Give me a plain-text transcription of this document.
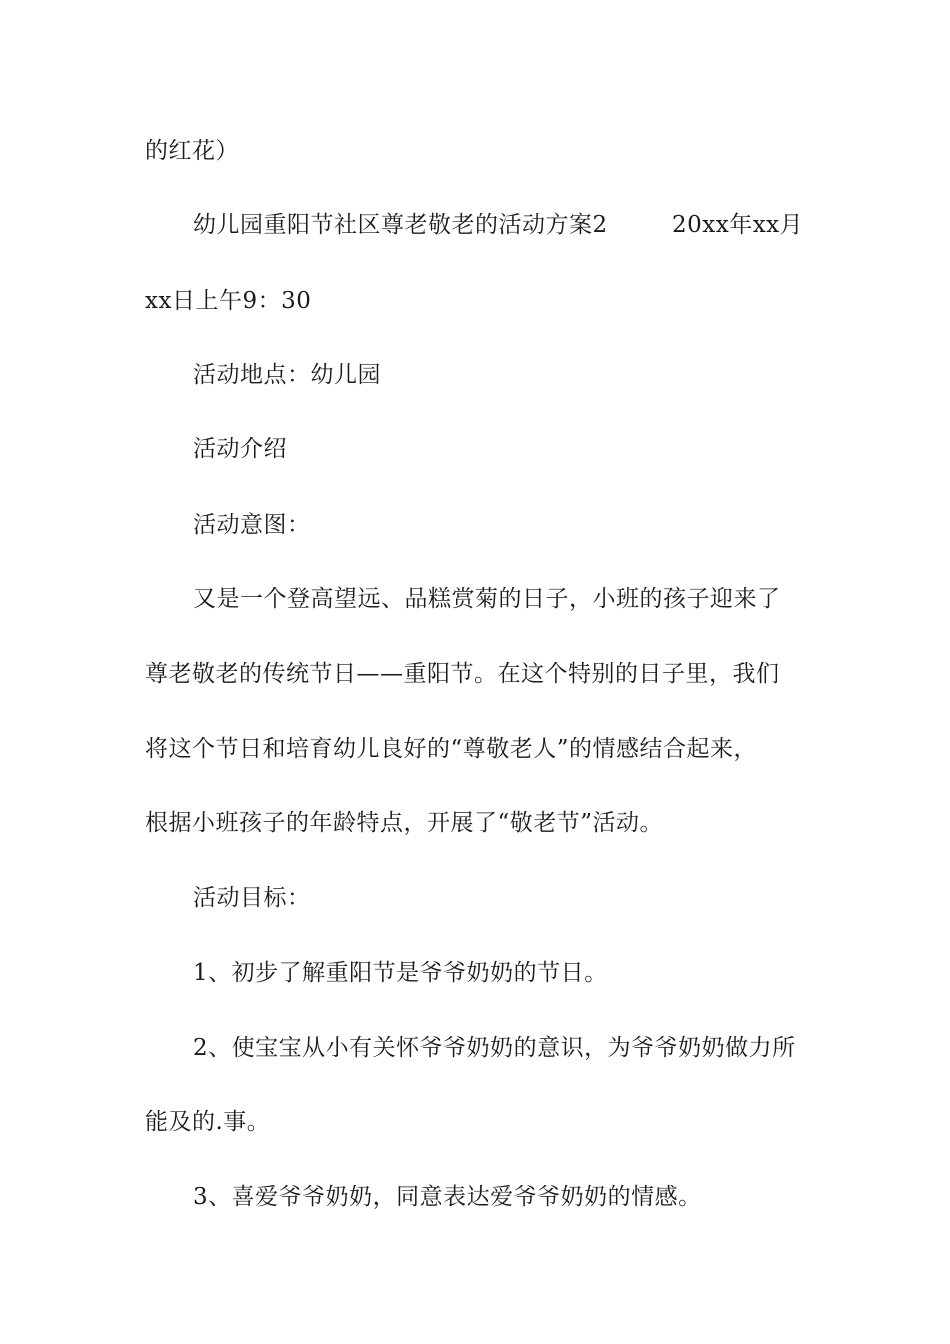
的红花）
幼儿园重阳节社区尊老敬老的活动方案2	20xx年xx月
xx日上午9：30
活动地点：幼儿园
活动介绍
活动意图：
又是一个登高望远、品糕赏菊的日子，小班的孩子迎来了
尊老敬老的传统节日——重阳节。在这个特别的日子里，我们
将这个节日和培育幼儿良好的“尊敬老人”的情感结合起来，
根据小班孩子的年龄特点，开展了“敬老节”活动。
活动目标：
1、初步了解重阳节是爷爷奶奶的节日。
2、使宝宝从小有关怀爷爷奶奶的意识，为爷爷奶奶做力所
能及的.事。
3、喜爱爷爷奶奶，同意表达爱爷爷奶奶的情感。
